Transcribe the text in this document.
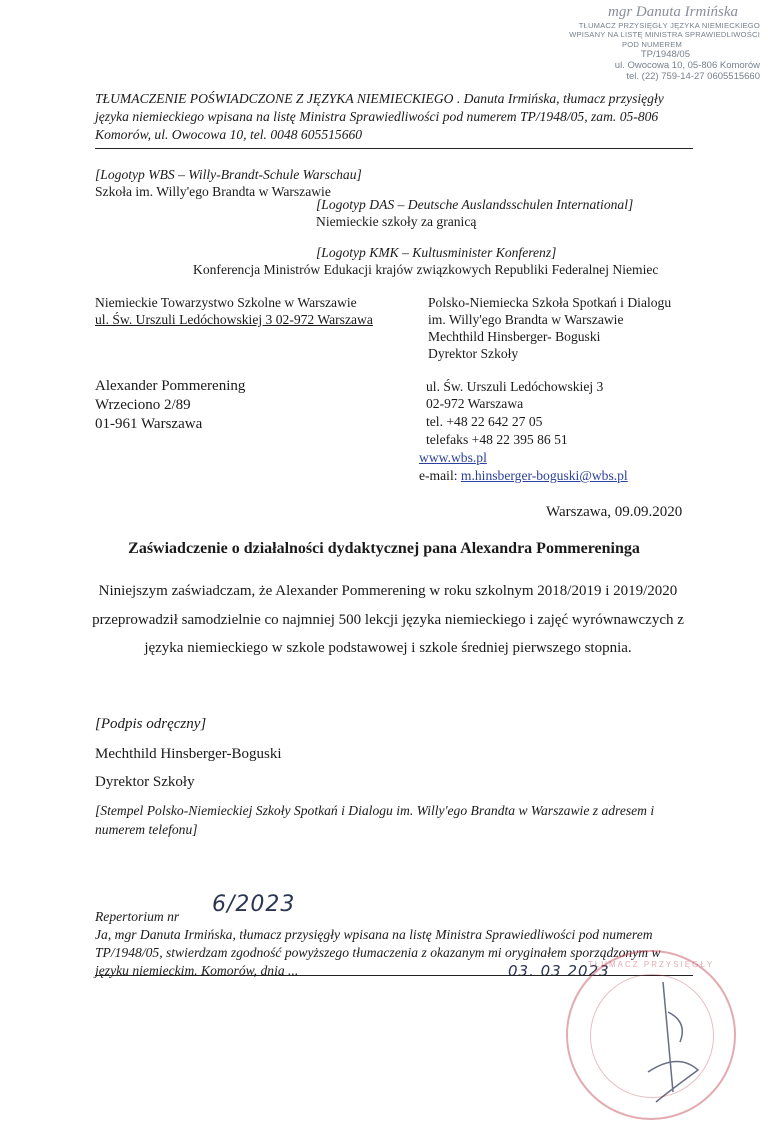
mgr Danuta Irmińska
TŁUMACZ PRZYSIĘGŁY JĘZYKA NIEMIECKIEGO
WPISANY NA LISTĘ MINISTRA SPRAWIEDLIWOŚCI
POD NUMEREM
TP/1948/05
ul. Owocowa 10, 05-806 Komorów
tel. (22) 759-14-27 0605515660
TŁUMACZENIE POŚWIADCZONE Z JĘZYKA NIEMIECKIEGO . Danuta Irmińska, tłumacz przysięgły języka niemieckiego wpisana na listę Ministra Sprawiedliwości pod numerem TP/1948/05, zam. 05-806 Komorów, ul. Owocowa 10, tel. 0048 605515660
[Logotyp WBS – Willy-Brandt-Schule Warschau]
Szkoła im. Willy'ego Brandta w Warszawie
[Logotyp DAS – Deutsche Auslandsschulen International]
Niemieckie szkoły za granicą
[Logotyp KMK – Kultusminister Konferenz]
Konferencja Ministrów Edukacji krajów związkowych Republiki Federalnej Niemiec
Niemieckie Towarzystwo Szkolne w Warszawie
ul. Św. Urszuli Ledóchowskiej 3 02-972 Warszawa
Polsko-Niemiecka Szkoła Spotkań i Dialogu
im. Willy'ego Brandta w Warszawie
Mechthild Hinsberger- Boguski
Dyrektor Szkoły
Alexander Pommerening
Wrzeciono 2/89
01-961 Warszawa
ul. Św. Urszuli Ledóchowskiej 3
02-972 Warszawa
tel. +48 22 642 27 05
telefaks +48 22 395 86 51
www.wbs.pl
e-mail: m.hinsberger-boguski@wbs.pl
Warszawa, 09.09.2020
Zaświadczenie o działalności dydaktycznej pana Alexandra Pommereninga
Niniejszym zaświadczam, że Alexander Pommerening w roku szkolnym 2018/2019 i 2019/2020 przeprowadził samodzielnie co najmniej 500 lekcji języka niemieckiego i zajęć wyrównawczych z języka niemieckiego w szkole podstawowej i szkole średniej pierwszego stopnia.
[Podpis odręczny]
Mechthild Hinsberger-Boguski
Dyrektor Szkoły
[Stempel Polsko-Niemieckiej Szkoły Spotkań i Dialogu im. Willy'ego Brandta w Warszawie z adresem i numerem telefonu]
Repertorium nr 6/2023
Ja, mgr Danuta Irmińska, tłumacz przysięgły wpisana na listę Ministra Sprawiedliwości pod numerem TP/1948/05, stwierdzam zgodność powyższego tłumaczenia z okazanym mi oryginałem sporządzonym w języku niemieckim. Komorów, dnia ...	03. 03 2023
TŁUMACZ PRZYSIĘGŁY
